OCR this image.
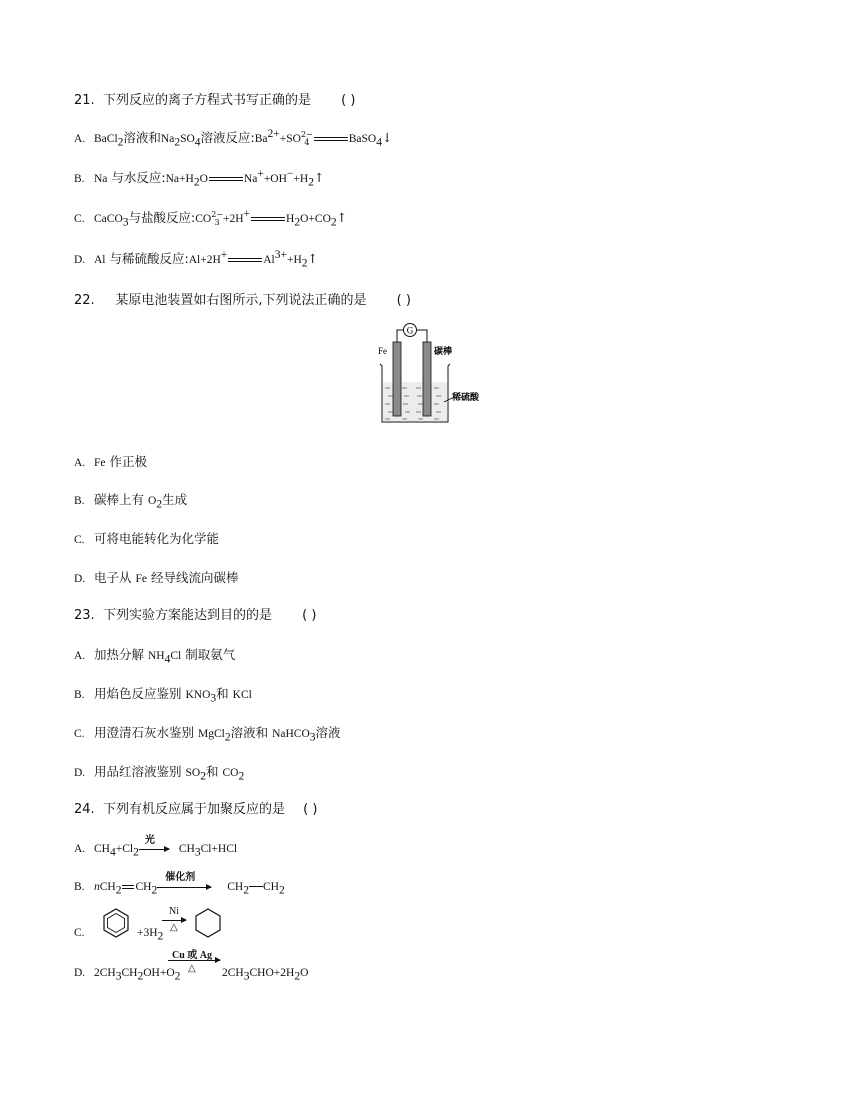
21. 下列反应的离子方程式书写正确的是 ( )
A. BaCl$_2$溶液和$Na_2SO_4$溶液反应$:Ba^{2+}+SO$ 2−
4	BaSO$_4$↓
B. Na 与水反应$:Na+H_2O$	$Na^++OH^-+H_2↑$
C. CaCO$_3$与盐酸反应:CO 2−
3 +2H+	$H_2O+CO_2↑$
D. Al 与稀硫酸反应:Al+2H+	$Al^{3+}+H_2↑$
22. 某原电池装置如右图所示,下列说法正确的是 ( )
G
Fe	碳棒
稀硫酸
A. Fe 作正极
B. 碳棒上有 $O_2$生成
C. 可将电能转化为化学能
D. 电子从 Fe 经导线流向碳棒
23. 下列实验方案能达到目的的是 ( )
A. 加热分解 $NH_4Cl$ 制取氨气
B. 用焰色反应鉴别 $KNO_3$和 KCl
C. 用澄清石灰水鉴别 MgCl$_2$溶液和 NaHCO$_3$溶液
D. 用品红溶液鉴别 $SO_2$和 $CO_2$
24. 下列有机反应属于加聚反应的是 ( )
A. $CH_4+Cl_2$
光
$CH_3Cl+HCl$
B. nCH$_2$ $CH_2$
催化剂
$CH_2$ $CH_2$
C.	$+3H_2$
Ni
△
D. $2CH_3CH_2OH+O_2$
Cu 或 Ag
△ $2CH_3CHO+2H_2O$
